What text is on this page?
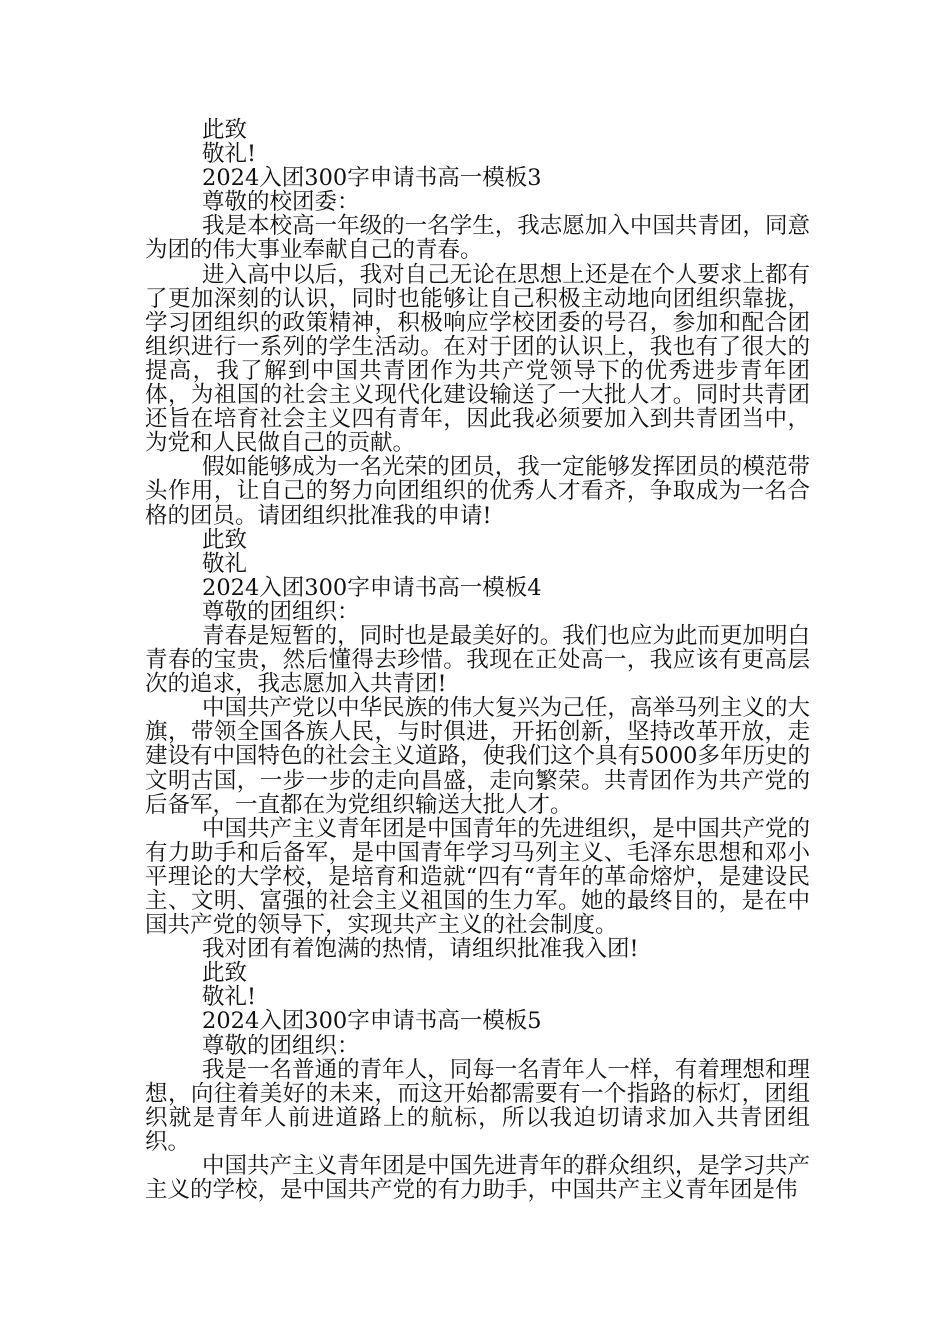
此致

敬礼!

2024入团300字申请书高一模板3

尊敬的校团委：

我是本校高一年级的一名学生，我志愿加入中国共青团，同意为团的伟大事业奉献自己的青春。

进入高中以后，我对自己无论在思想上还是在个人要求上都有了更加深刻的认识，同时也能够让自己积极主动地向团组织靠拢，学习团组织的政策精神，积极响应学校团委的号召，参加和配合团组织进行一系列的学生活动。在对于团的认识上，我也有了很大的提高，我了解到中国共青团作为共产党领导下的优秀进步青年团体，为祖国的社会主义现代化建设输送了一大批人才。同时共青团还旨在培育社会主义四有青年，因此我必须要加入到共青团当中，为党和人民做自己的贡献。

假如能够成为一名光荣的团员，我一定能够发挥团员的模范带头作用，让自己的努力向团组织的优秀人才看齐，争取成为一名合格的团员。请团组织批准我的申请!

此致

敬礼

2024入团300字申请书高一模板4

尊敬的团组织：

青春是短暂的，同时也是最美好的。我们也应为此而更加明白青春的宝贵，然后懂得去珍惜。我现在正处高一，我应该有更高层次的追求，我志愿加入共青团!

中国共产党以中华民族的伟大复兴为己任，高举马列主义的大旗，带领全国各族人民，与时俱进，开拓创新，坚持改革开放，走建设有中国特色的社会主义道路，使我们这个具有5000多年历史的文明古国，一步一步的走向昌盛，走向繁荣。共青团作为共产党的后备军，一直都在为党组织输送大批人才。

中国共产主义青年团是中国青年的先进组织，是中国共产党的有力助手和后备军，是中国青年学习马列主义、毛泽东思想和邓小平理论的大学校，是培育和造就“四有“青年的革命熔炉，是建设民主、文明、富强的社会主义祖国的生力军。她的最终目的，是在中国共产党的领导下，实现共产主义的社会制度。

我对团有着饱满的热情，请组织批准我入团!

此致

敬礼!

2024入团300字申请书高一模板5

尊敬的团组织：

我是一名普通的青年人，同每一名青年人一样，有着理想和理想，向往着美好的未来，而这开始都需要有一个指路的标灯，团组织就是青年人前进道路上的航标，所以我迫切请求加入共青团组织。

中国共产主义青年团是中国先进青年的群众组织，是学习共产主义的学校，是中国共产党的有力助手，中国共产主义青年团是伟
